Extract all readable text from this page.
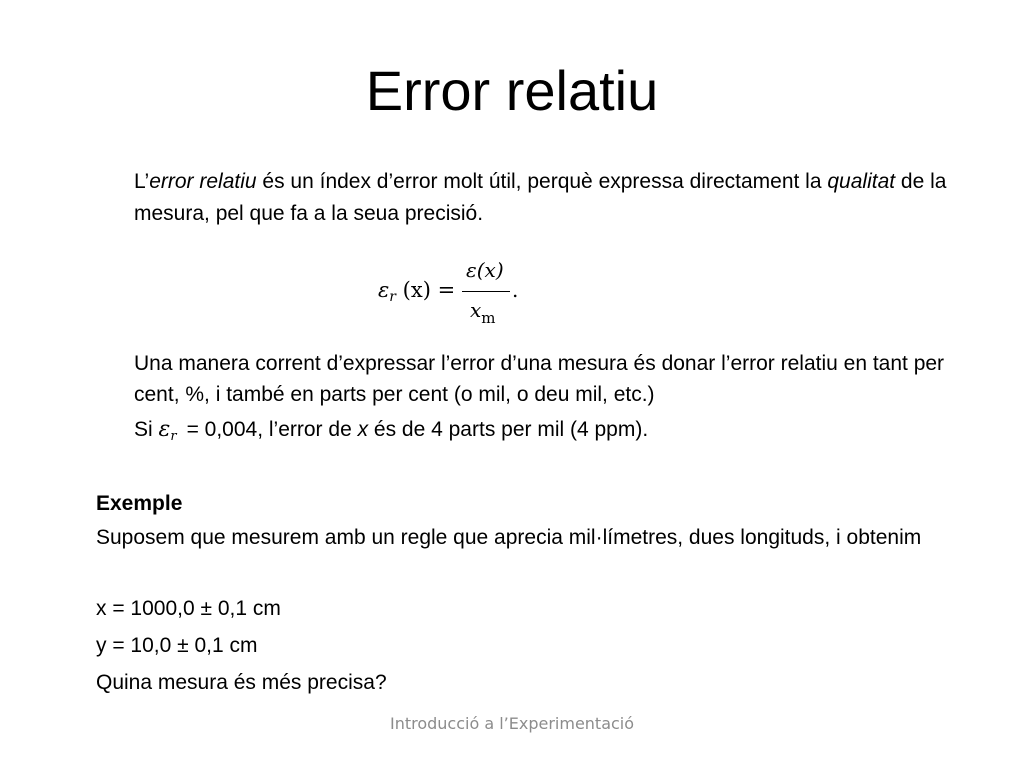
Error relatiu

L’error relatiu és un índex d’error molt útil, perquè expressa directament la qualitat de la mesura, pel que fa a la seua precisió.

εr (x) =
ε(x)
$x_m$
.

Una manera corrent d’expressar l’error d’una mesura és donar l’error relatiu en tant per cent, %, i també en parts per cent (o mil, o deu mil, etc.)

Si $\varepsilon_r = 0,004$, l’error de x és de 4 parts per mil (4 ppm).

Exemple

Suposem que mesurem amb un regle que aprecia mil·límetres, dues longituds, i obtenim

x = 1000,0 ± 0,1 cm

y = 10,0 ± 0,1 cm

Quina mesura és més precisa?

Introducció a l’Experimentació
